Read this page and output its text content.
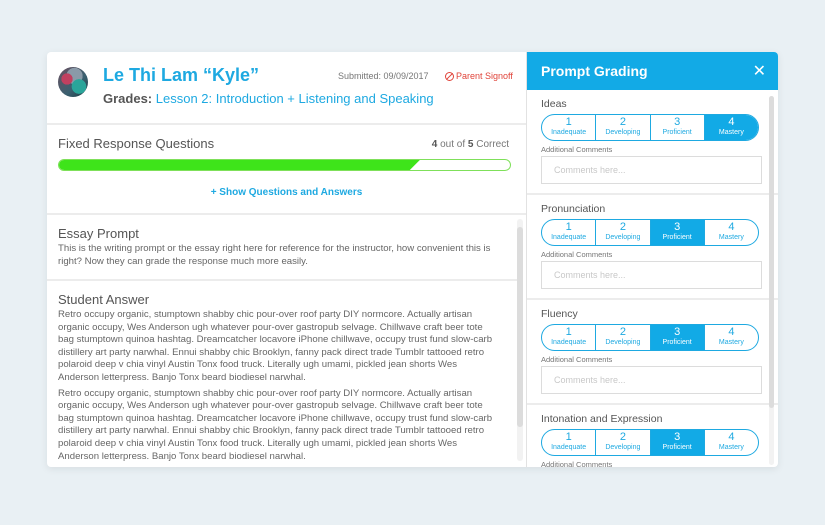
Le Thi Lam “Kyle”	Submitted: 09/09/2017	Parent Signoff
Grades: Lesson 2: Introduction + Listening and Speaking
Fixed Response Questions	4 out of 5 Correct
+ Show Questions and Answers
Essay Prompt
This is the writing prompt or the essay right here for reference for the instructor, how convenient this is right? Now they can grade the response much more easily.
Student Answer
Retro occupy organic, stumptown shabby chic pour-over roof party DIY normcore. Actually artisan organic occupy, Wes Anderson ugh whatever pour-over gastropub selvage. Chillwave craft beer tote bag stumptown quinoa hashtag. Dreamcatcher locavore iPhone chillwave, occupy trust fund slow-carb distillery art party narwhal. Ennui shabby chic Brooklyn, fanny pack direct trade Tumblr tattooed retro polaroid deep v chia vinyl Austin Tonx food truck. Literally ugh umami, pickled jean shorts Wes Anderson letterpress. Banjo Tonx beard biodiesel narwhal.
Retro occupy organic, stumptown shabby chic pour-over roof party DIY normcore. Actually artisan organic occupy, Wes Anderson ugh whatever pour-over gastropub selvage. Chillwave craft beer tote bag stumptown quinoa hashtag. Dreamcatcher locavore iPhone chillwave, occupy trust fund slow-carb distillery art party narwhal. Ennui shabby chic Brooklyn, fanny pack direct trade Tumblr tattooed retro polaroid deep v chia vinyl Austin Tonx food truck. Literally ugh umami, pickled jean shorts Wes Anderson letterpress. Banjo Tonx beard biodiesel narwhal.
Prompt Grading	✕
Ideas
1
Inadequate
2
Developing
3
Proficient
4
Mastery
Additional Comments
Comments here...
Pronunciation
1
Inadequate
2
Developing
3
Proficient
4
Mastery
Additional Comments
Comments here...
Fluency
1
Inadequate
2
Developing
3
Proficient
4
Mastery
Additional Comments
Comments here...
Intonation and Expression
1
Inadequate
2
Developing
3
Proficient
4
Mastery
Additional Comments
